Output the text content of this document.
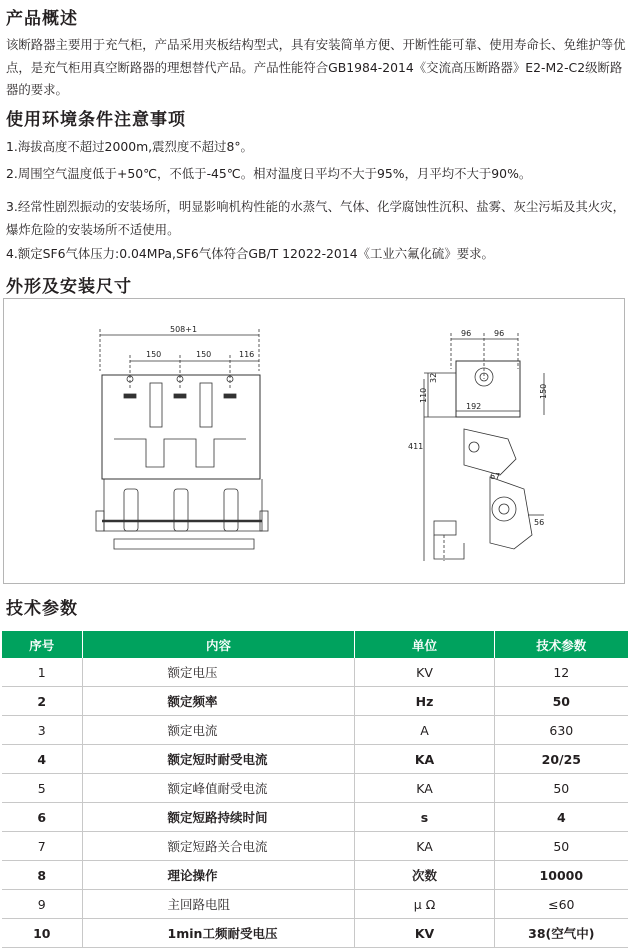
产品概述

该断路器主要用于充气柜，产品采用夹板结构型式，具有安装简单方便、开断性能可靠、使用寿命长、免维护等优点，是充气柜用真空断路器的理想替代产品。产品性能符合GB1984-2014《交流高压断路器》E2-M2-C2级断路器的要求。

使用环境条件注意事项

1.海拔高度不超过2000m,震烈度不超过8°。

2.周围空气温度低于+50℃，不低于-45℃。相对温度日平均不大于95%，月平均不大于90%。

3.经常性剧烈振动的安装场所，明显影响机构性能的水蒸气、气体、化学腐蚀性沉积、盐雾、灰尘污垢及其火灾，爆炸危险的安装场所不适使用。

4.额定SF6气体压力:0.04MPa,SF6气体符合GB/T 12022-2014《工业六氟化硫》要求。

外形及安装尺寸
508+1
150	150	116
96	96
110
32
150
192
411
67
56
技术参数
序号	内容	单位	技术参数
1	额定电压	KV	12
2	额定频率	Hz	50
3	额定电流	A	630
4	额定短时耐受电流	KA	20/25
5	额定峰值耐受电流	KA	50
6	额定短路持续时间	s	4
7	额定短路关合电流	KA	50
8	理论操作	次数	10000
9	主回路电阻	μ Ω	≤60
10	1min工频耐受电压	KV	38(空气中)
